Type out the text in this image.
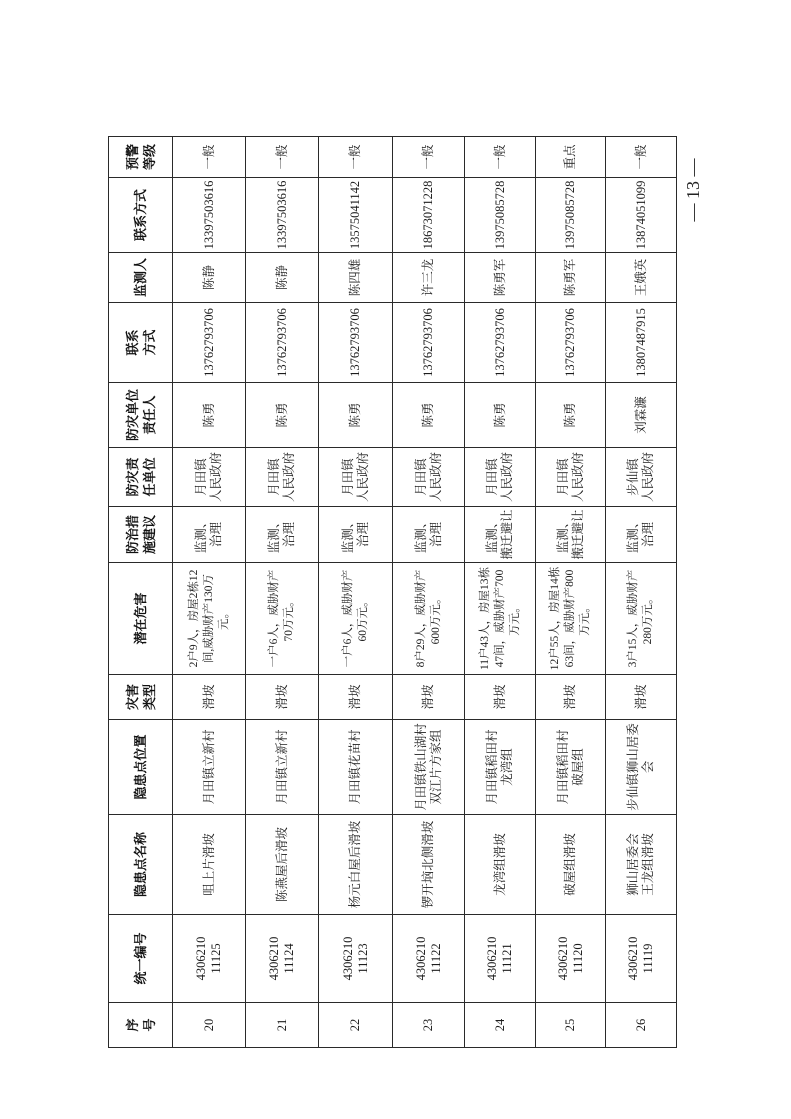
序
号	统一编号	隐患点名称	隐患点位置	灾害
类型	潜在危害	防治措
施建议	防灾责
任单位	防灾单位
责任人	联系
方式	监测人	联系方式	预警
等级
20	430621011125	咀上片滑坡	月田镇立新村	滑坡	2户9人，房屋2栋12间,威胁财产130万元。	监测、
治理	月田镇
人民政府	陈勇	13762793706	陈静	13397503616	一般
21	430621011124	陈燕屋后滑坡	月田镇立新村	滑坡	一户6人，威胁财产70万元。	监测、
治理	月田镇
人民政府	陈勇	13762793706	陈静	13397503616	一般
22	430621011123	杨元白屋后滑坡	月田镇花苗村	滑坡	一户6人，威胁财产60万元。	监测、
治理	月田镇
人民政府	陈勇	13762793706	陈四雄	13575041142	一般
23	430621011122	锣开垴北侧滑坡	月田镇铁山湖村
双江片方家组	滑坡	8户29人，威胁财产600万元。	监测、
治理	月田镇
人民政府	陈勇	13762793706	许三龙	18673071228	一般
24	430621011121	龙湾组滑坡	月田镇稻田村
龙湾组	滑坡	11户43人，房屋13栋47间，威胁财产700万元。	监测、
搬迁避让	月田镇
人民政府	陈勇	13762793706	陈勇军	13975085728	一般
25	430621011120	破屋组滑坡	月田镇稻田村
破屋组	滑坡	12户55人，房屋14栋63间，威胁财产800万元。	监测、
搬迁避让	月田镇
人民政府	陈勇	13762793706	陈勇军	13975085728	重点
26	430621011119	狮山居委会
王龙组滑坡	步仙镇狮山居委
会	滑坡	3户15人，威胁财产280万元。	监测、
治理	步仙镇
人民政府	刘霖濂	13807487915	王娥英	13874051099	一般
— 13 —
